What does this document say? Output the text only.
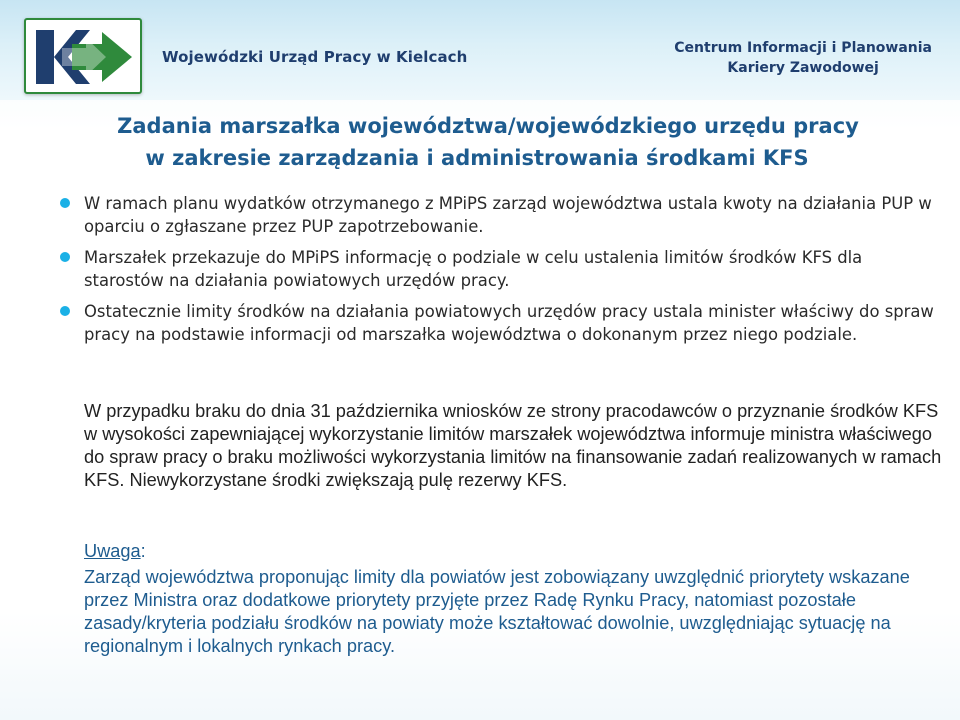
Wojewódzki Urząd Pracy w Kielcach	Centrum Informacji i Planowania
Kariery Zawodowej
Zadania marszałka województwa/wojewódzkiego urzędu pracy
w zakresie zarządzania i administrowania środkami KFS
W ramach planu wydatków otrzymanego z MPiPS zarząd województwa ustala kwoty na działania PUP w oparciu o zgłaszane przez PUP zapotrzebowanie.
Marszałek przekazuje do MPiPS informację o podziale w celu ustalenia limitów środków KFS dla starostów na działania powiatowych urzędów pracy.
Ostatecznie limity środków na działania powiatowych urzędów pracy ustala minister właściwy do spraw pracy na podstawie informacji od marszałka województwa o dokonanym przez niego podziale.
W przypadku braku do dnia 31 października wniosków ze strony pracodawców o przyznanie środków KFS w wysokości zapewniającej wykorzystanie limitów marszałek województwa informuje ministra właściwego do spraw pracy o braku możliwości wykorzystania limitów na finansowanie zadań realizowanych w ramach KFS. Niewykorzystane środki zwiększają pulę rezerwy KFS.
Uwaga:
Zarząd województwa proponując limity dla powiatów jest zobowiązany uwzględnić priorytety wskazane przez Ministra oraz dodatkowe priorytety przyjęte przez Radę Rynku Pracy, natomiast pozostałe zasady/kryteria podziału środków na powiaty może kształtować dowolnie, uwzględniając sytuację na regionalnym i lokalnych rynkach pracy.
